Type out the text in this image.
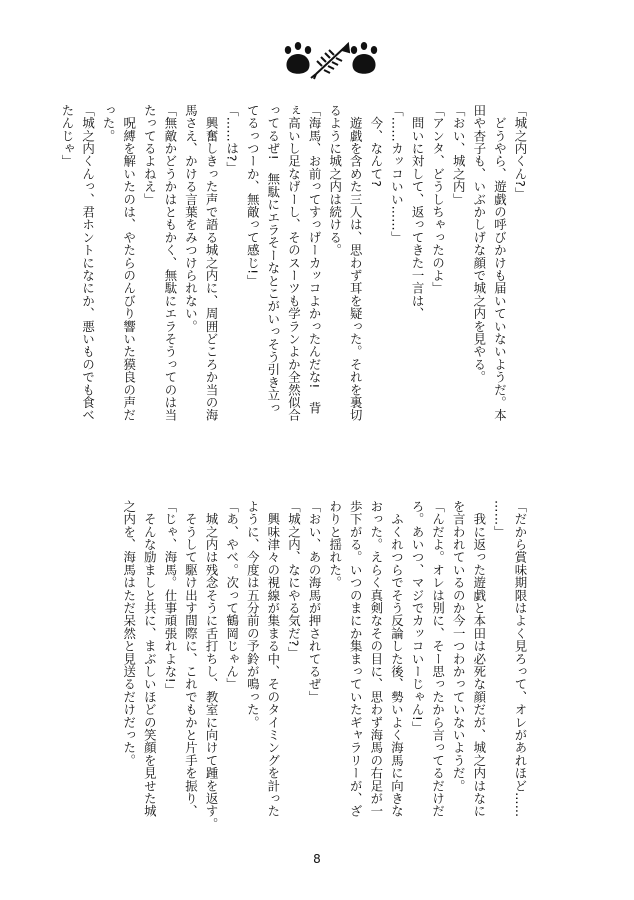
「城之内くん?」
　どうやら、遊戯の呼びかけも届いていないようだ。本
田や杏子も、いぶかしげな顔で城之内を見やる。
「おい、城之内」
「アンタ、どうしちゃったのよ」
　問いに対して、返ってきた一言は、
「……カッコいい……」
　今、なんて?
　遊戯を含めた三人は、思わず耳を疑った。それを裏切
るように城之内は続ける。
「海馬、お前ってすっげーカッコよかったんだな!　背
ぇ高いし足なげーし、そのスーツも学ランよか全然似合
ってるぜ!　無駄にエラそーなとこがいっそう引き立っ
てるっつーか、無敵って感じ!」
「……は?」
　興奮しきった声で語る城之内に、周囲どころか当の海
馬さえ、かける言葉をみつけられない。
「無敵かどうかはともかく、無駄にエラそうってのは当
たってるよねえ」
　呪縛を解いたのは、やたらのんびり響いた獏良の声だ
った。
「城之内くんっ、君ホントになにか、悪いものでも食べ
たんじゃ」
「だから賞味期限はよく見ろって、オレがあれほど……
……」
　我に返った遊戯と本田は必死な顔だが、城之内はなに
を言われているのか今一つわかっていないようだ。
「んだよ。オレは別に、そー思ったから言ってるだけだ
ろ。あいつ、マジでカッコいーじゃん!」
　ふくれつらでそう反論した後、勢いよく海馬に向きな
おった。えらく真剣なその目に、思わず海馬の右足が一
歩下がる。いつのまにか集まっていたギャラリーが、ざ
わりと揺れた。
「おい、あの海馬が押されてるぜ」
「城之内、なにやる気だ?」
　興味津々の視線が集まる中、そのタイミングを計った
ように、今度は五分前の予鈴が鳴った。
「あ、やべ。次って鶴岡じゃん」
　城之内は残念そうに舌打ちし、教室に向けて踵を返す。
　そうして駆け出す間際に、これでもかと片手を振り、
「じゃ、海馬。仕事頑張れよな!」
　そんな励ましと共に、まぶしいほどの笑顔を見せた城
之内を、海馬はただ呆然と見送るだけだった。
8
